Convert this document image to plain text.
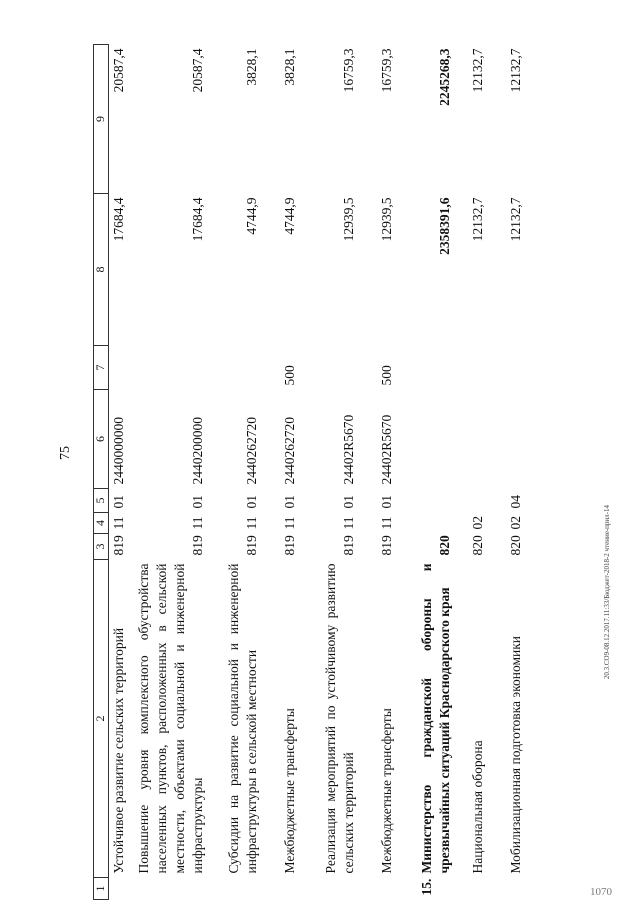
75
20.3.СО9-08.12.2017.11:33/Бюджет-2018-2 чтение-прил-14
1070
1	2	3	4	5	6	7	8	9
	Устойчивое развитие сельских территорий	819	11	01	2440000000		17684,4	20587,4
	Повышение уровня комплексного обустройства населенных пунктов, расположенных в сельской местности, объектами социальной и инженерной инфраструктуры	819	11	01	2440200000		17684,4	20587,4
	Субсидии на развитие социальной и инженерной инфраструктуры в сельской местности	819	11	01	2440262720		4744,9	3828,1
	Межбюджетные трансферты	819	11	01	2440262720	500	4744,9	3828,1
	Реализация мероприятий по устойчивому развитию сельских территорий	819	11	01	24402R5670		12939,5	16759,3
	Межбюджетные трансферты	819	11	01	24402R5670	500	12939,5	16759,3
15.	Министерство гражданской обороны и чрезвычайных ситуаций Краснодарского края	820					2358391,6	2245268,3
	Национальная оборона	820	02				12132,7	12132,7
	Мобилизационная подготовка экономики	820	02	04			12132,7	12132,7
